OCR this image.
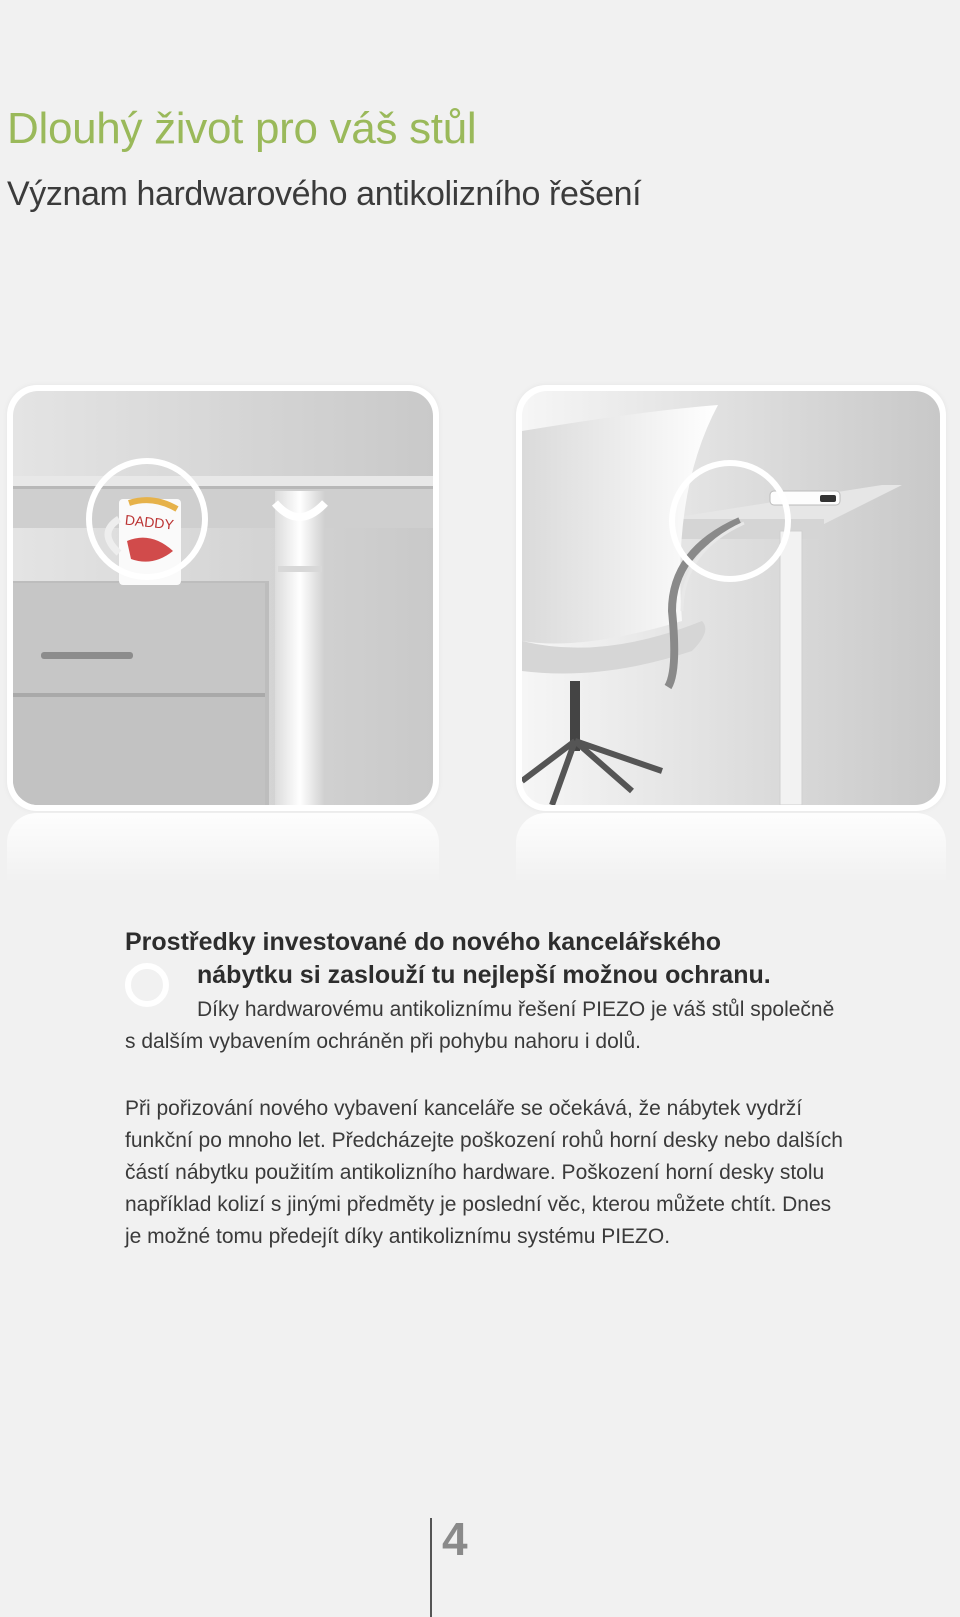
Dlouhý život pro váš stůl
Význam hardwarového antikolizního řešení
DADDY
Prostředky investované do nového kancelářského
nábytku si zaslouží tu nejlepší možnou ochranu.
Díky hardwarovému antikoliznímu řešení PIEZO je váš stůl společně
s dalším vybavením ochráněn při pohybu nahoru i dolů.
Při pořizování nového vybavení kanceláře se očekává, že nábytek vydrží funkční po mnoho let. Předcházejte poškození rohů horní desky nebo dalších částí nábytku použitím antikolizního hardware. Poškození horní desky stolu například kolizí s jinými předměty je poslední věc, kterou můžete chtít. Dnes je možné tomu předejít díky antikoliznímu systému PIEZO.
4
